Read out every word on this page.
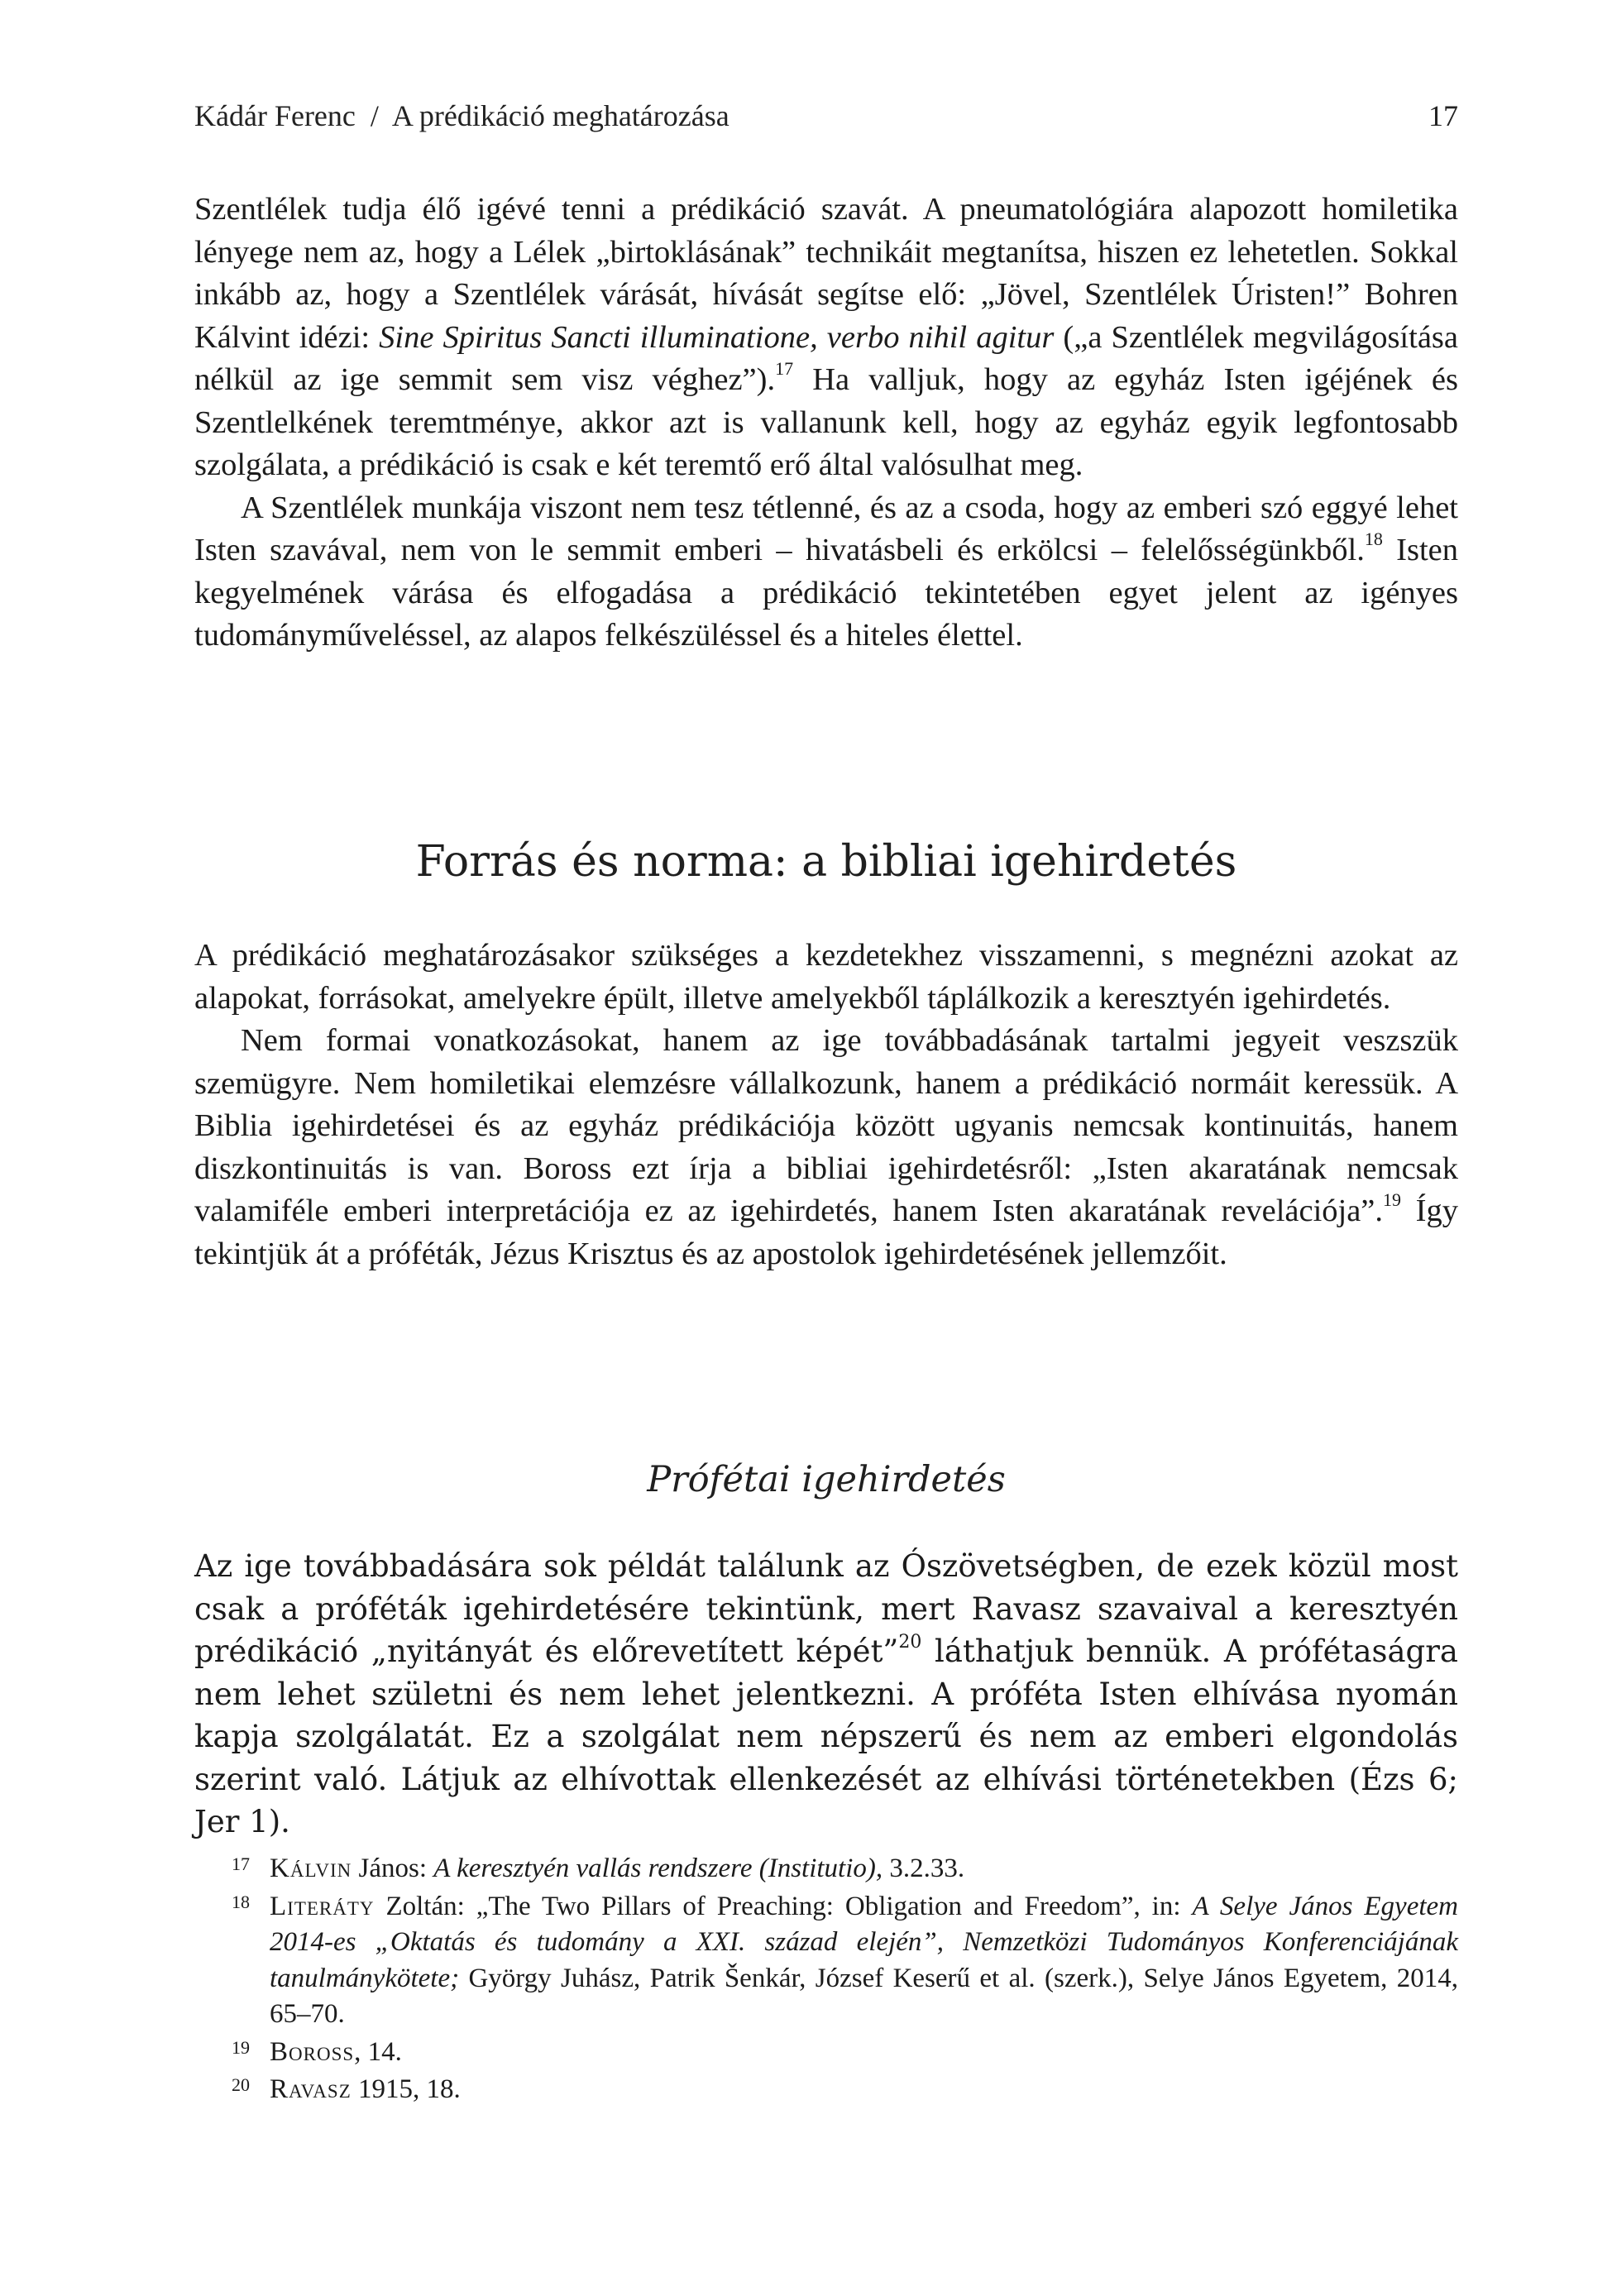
Kádár Ferenc  /  A prédikáció meghatározása	17

Szentlélek tudja élő igévé tenni a prédikáció szavát. A pneumatológiára alapozott homiletika lényege nem az, hogy a Lélek „birtoklásának” technikáit megtanítsa, hiszen ez lehetetlen. Sokkal inkább az, hogy a Szentlélek várását, hívását segítse elő: „Jövel, Szentlélek Úristen!” Bohren Kálvint idézi: Sine Spiritus Sancti illuminatione, verbo nihil agitur („a Szentlélek megvilágosítása nélkül az ige semmit sem visz véghez”).$^{17}$ Ha valljuk, hogy az egyház Isten igéjének és Szentlelkének teremtménye, akkor azt is vallanunk kell, hogy az egyház egyik legfontosabb szolgálata, a prédikáció is csak e két teremtő erő által valósulhat meg.

A Szentlélek munkája viszont nem tesz tétlenné, és az a csoda, hogy az emberi szó eggyé lehet Isten szavával, nem von le semmit emberi – hivatásbeli és erkölcsi – felelősségünkből.$^{18}$ Isten kegyelmének várása és elfogadása a prédikáció tekintetében egyet jelent az igényes tudományműveléssel, az alapos felkészüléssel és a hiteles élettel.

Forrás és norma: a bibliai igehirdetés

A prédikáció meghatározásakor szükséges a kezdetekhez visszamenni, s megnézni azokat az alapokat, forrásokat, amelyekre épült, illetve amelyekből táplálkozik a keresztyén igehirdetés.

Nem formai vonatkozásokat, hanem az ige továbbadásának tartalmi jegyeit veszszük szemügyre. Nem homiletikai elemzésre vállalkozunk, hanem a prédikáció normáit keressük. A Biblia igehirdetései és az egyház prédikációja között ugyanis nemcsak kontinuitás, hanem diszkontinuitás is van. Boross ezt írja a bibliai igehirdetésről: „Isten akaratának nemcsak valamiféle emberi interpretációja ez az igehirdetés, hanem Isten akaratának revelációja”.$^{19}$ Így tekintjük át a próféták, Jézus Krisztus és az apostolok igehirdetésének jellemzőit.

Prófétai igehirdetés

Az ige továbbadására sok példát találunk az Ószövetségben, de ezek közül most csak a próféták igehirdetésére tekintünk, mert Ravasz szavaival a keresztyén prédikáció „nyitányát és előrevetített képét”$^{20}$ láthatjuk bennük. A prófétaságra nem lehet születni és nem lehet jelentkezni. A próféta Isten elhívása nyomán kapja szolgálatát. Ez a szolgálat nem népszerű és nem az emberi elgondolás szerint való. Látjuk az elhívottak ellenkezését az elhívási történetekben (Ézs 6; Jer 1).

17 Kálvin János: A keresztyén vallás rendszere (Institutio), 3.2.33.
18 Literáty Zoltán: „The Two Pillars of Preaching: Obligation and Freedom”, in: A Selye János Egyetem 2014-es „Oktatás és tudomány a XXI. század elején”, Nemzetközi Tudományos Konferenciájának tanulmánykötete; György Juhász, Patrik Šenkár, József Keserű et al. (szerk.), Selye János Egyetem, 2014, 65–70.
19 Boross, 14.
20 Ravasz 1915, 18.
